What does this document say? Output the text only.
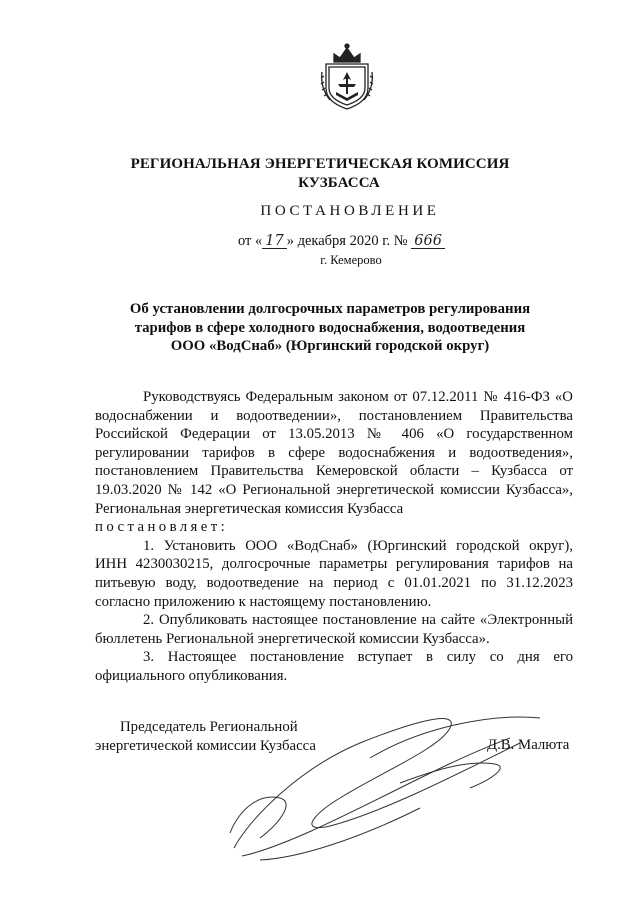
РЕГИОНАЛЬНАЯ ЭНЕРГЕТИЧЕСКАЯ КОМИССИЯ
КУЗБАССА
ПОСТАНОВЛЕНИЕ
от « 17 » декабря 2020 г. № 666
г. Кемерово
Об установлении долгосрочных параметров регулирования
тарифов в сфере холодного водоснабжения, водоотведения
ООО «ВодСнаб» (Юргинский городской округ)

Руководствуясь Федеральным законом от 07.12.2011 № 416-ФЗ «О водоснабжении и водоотведении», постановлением Правительства Российской Федерации от 13.05.2013 № 406 «О государственном регулировании тарифов в сфере водоснабжения и водоотведения», постановлением Правительства Кемеровской области – Кузбасса от 19.03.2020 № 142 «О Региональной энергетической комиссии Кузбасса», Региональная энергетическая комиссия Кузбасса

постановляет:

1. Установить ООО «ВодСнаб» (Юргинский городской округ), ИНН 4230030215, долгосрочные параметры регулирования тарифов на питьевую воду, водоотведение на период с 01.01.2021 по 31.12.2023 согласно приложению к настоящему постановлению.

2. Опубликовать настоящее постановление на сайте «Электронный бюллетень Региональной энергетической комиссии Кузбасса».

3. Настоящее постановление вступает в силу со дня его официального опубликования.

Председатель Региональной
энергетической комиссии Кузбасса	Д.В. Малюта
